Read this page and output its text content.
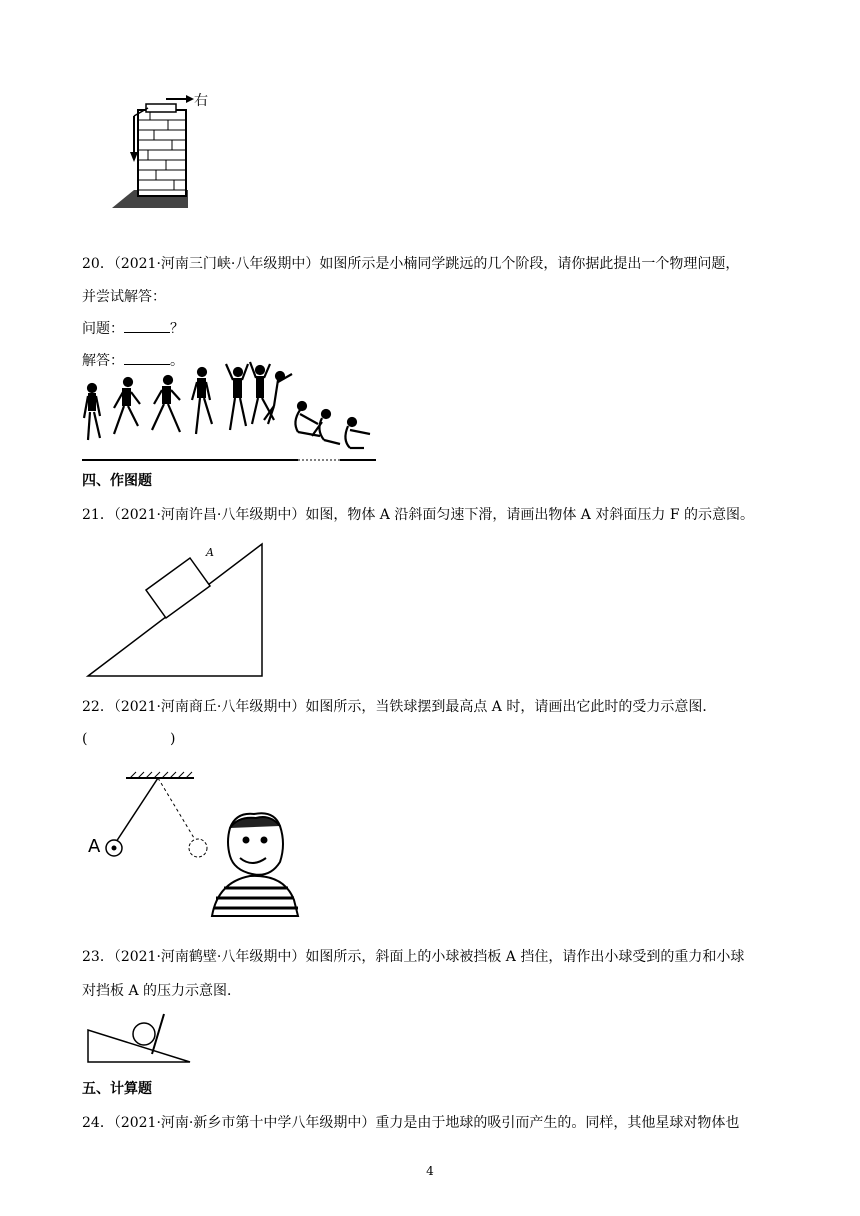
右
20．（2021·河南三门峡·八年级期中）如图所示是小楠同学跳远的几个阶段，请你据此提出一个物理问题，
并尝试解答：
问题：	？
解答：	。
四、作图题
21．（2021·河南许昌·八年级期中）如图，物体 A 沿斜面匀速下滑，请画出物体 A 对斜面压力 F 的示意图。
A
22．（2021·河南商丘·八年级期中）如图所示，当铁球摆到最高点 A 时，请画出它此时的受力示意图．
(	)
A
23．（2021·河南鹤壁·八年级期中）如图所示，斜面上的小球被挡板 A 挡住，请作出小球受到的重力和小球
对挡板 A 的压力示意图．
五、计算题
24．（2021·河南·新乡市第十中学八年级期中）重力是由于地球的吸引而产生的。同样，其他星球对物体也
4
